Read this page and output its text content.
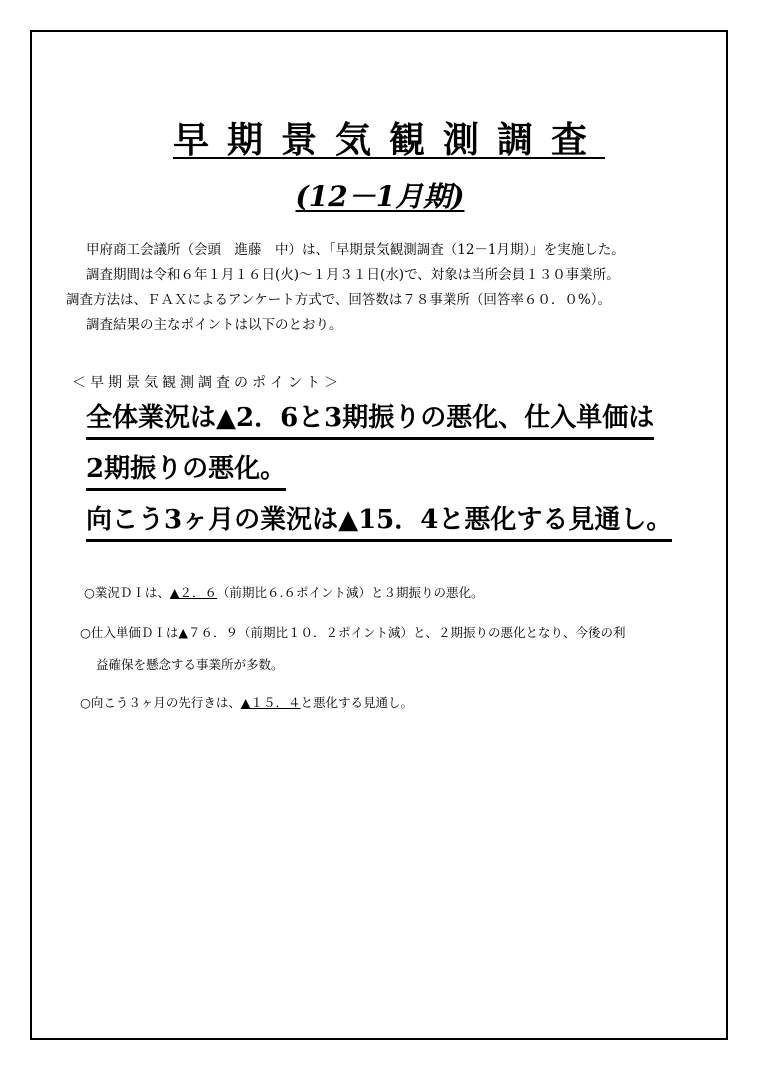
早期景気観測調査
(12－1月期)

甲府商工会議所（会頭　進藤　中）は、「早期景気観測調査（12－1月期）」を実施した。

調査期間は令和６年１月１６日(火)～１月３１日(水)で、対象は当所会員１３０事業所。

調査方法は、ＦＡＸによるアンケート方式で、回答数は７８事業所（回答率６０．０%）。

調査結果の主なポイントは以下のとおり。

＜早期景気観測調査のポイント＞
全体業況は▲2．6と3期振りの悪化、仕入単価は
2期振りの悪化。
向こう3ヶ月の業況は▲15．4と悪化する見通し。
○業況ＤＩは、▲２．６（前期比６.６ポイント減）と３期振りの悪化。
○仕入単価ＤＩは▲７６．９（前期比１０．２ポイント減）と、２期振りの悪化となり、今後の利
益確保を懸念する事業所が多数。
○向こう３ヶ月の先行きは、▲１５．４と悪化する見通し。
